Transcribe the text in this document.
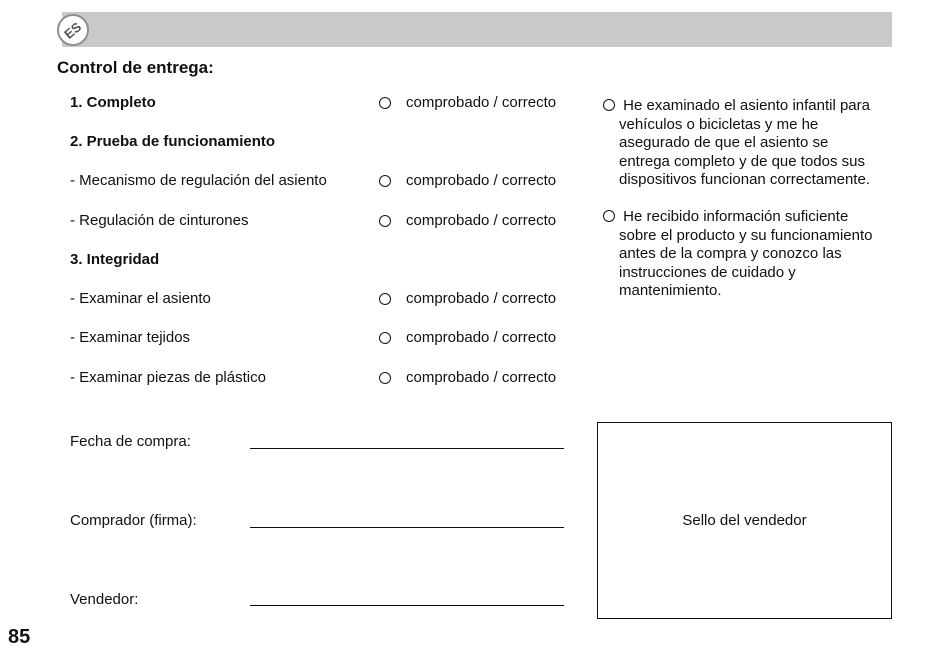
ES
Control de entrega:
1. Completo	comprobado / correcto
2. Prueba de funcionamiento
- Mecanismo de regulación del asiento	comprobado / correcto
- Regulación de cinturones	comprobado / correcto
3. Integridad
- Examinar el asiento	comprobado / correcto
- Examinar tejidos	comprobado / correcto
- Examinar piezas de plástico	comprobado / correcto
He examinado el asiento infantil para
vehículos o bicicletas y me he
asegurado de que el asiento se
entrega completo y de que todos sus
dispositivos funcionan correctamente.
He recibido información suficiente
sobre el producto y su funcionamiento
antes de la compra y conozco las
instrucciones de cuidado y
mantenimiento.
Fecha de compra:
Comprador (firma):
Vendedor:
Sello del vendedor
85
